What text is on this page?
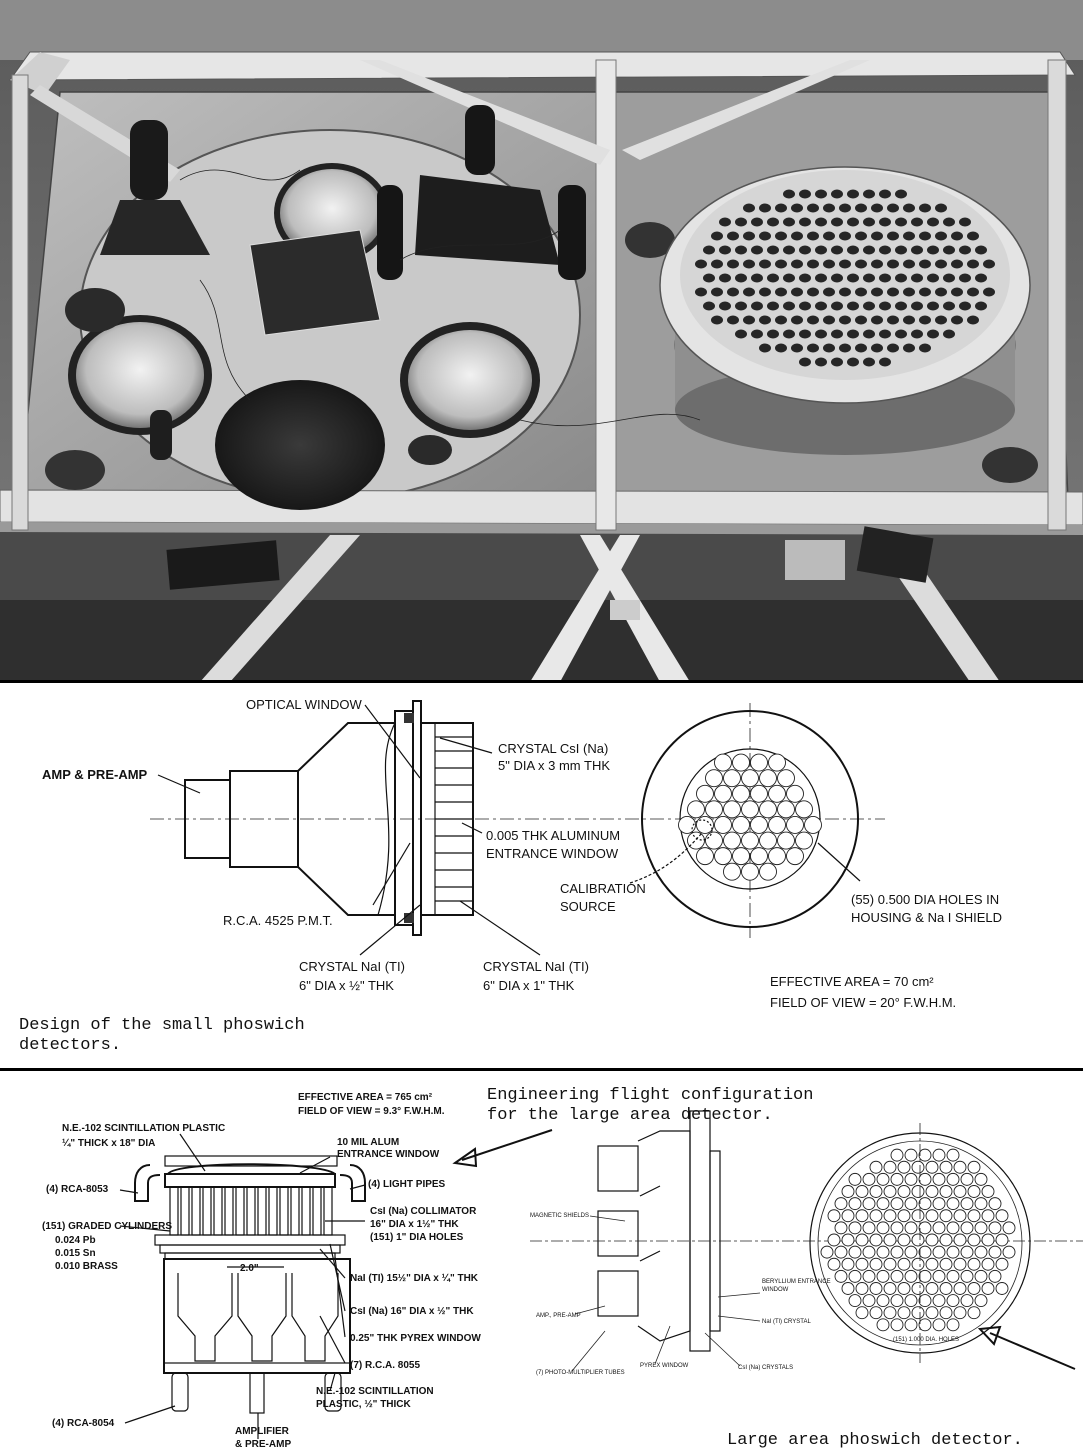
OPTICAL WINDOW
AMP & PRE-AMP
CRYSTAL CsI (Na)
5" DIA x 3 mm THK
0.005 THK ALUMINUM
ENTRANCE WINDOW
CALIBRATION
SOURCE
R.C.A. 4525 P.M.T.
(55) 0.500 DIA HOLES IN
HOUSING & Na I SHIELD
CRYSTAL NaI (TI)
6" DIA x ½" THK
CRYSTAL NaI (TI)
6" DIA x 1" THK	EFFECTIVE AREA = 70 cm²
FIELD OF VIEW = 20° F.W.H.M.
Design of the small phoswich
detectors.
EFFECTIVE AREA = 765 cm²
FIELD OF VIEW = 9.3° F.W.H.M.
Engineering flight configuration
for the large area detector.
N.E.-102 SCINTILLATION PLASTIC
¼" THICK x 18" DIA	10 MIL ALUM
ENTRANCE WINDOW
(4) RCA-8053	(4) LIGHT PIPES
CsI (Na) COLLIMATOR
16" DIA x 1½" THK
(151) 1" DIA HOLES
(151) GRADED CYLINDERS
0.024 Pb
0.015 Sn
0.010 BRASS	2.0"
NaI (TI) 15½" DIA x ¼" THK
CsI (Na) 16" DIA x ½" THK
0.25" THK PYREX WINDOW
(7) R.C.A. 8055
(4) RCA-8054
N.E.-102 SCINTILLATION
PLASTIC, ½" THICK
AMPLIFIER
& PRE-AMP
MAGNETIC SHIELDS
AMP., PRE-AMP
(7) PHOTO-MULTIPLIER TUBES
PYREX WINDOW
BERYLLIUM ENTRANCE
WINDOW
NaI (Tl) CRYSTAL
CsI (Na) CRYSTALS
(151) 1.000 DIA. HOLES
Large area phoswich detector.
